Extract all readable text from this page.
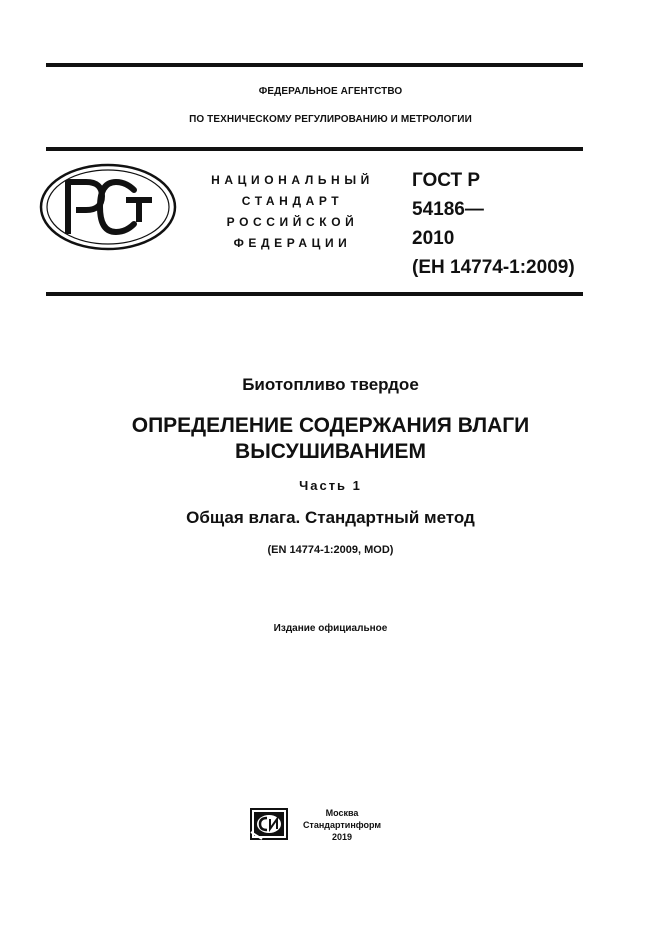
ФЕДЕРАЛЬНОЕ АГЕНТСТВО
ПО ТЕХНИЧЕСКОМУ РЕГУЛИРОВАНИЮ И МЕТРОЛОГИИ
НАЦИОНАЛЬНЫЙ
СТАНДАРТ
РОССИЙСКОЙ
ФЕДЕРАЦИИ
ГОСТ Р
54186—
2010
(ЕН 14774-1:2009)
Биотопливо твердое
ОПРЕДЕЛЕНИЕ СОДЕРЖАНИЯ ВЛАГИ
ВЫСУШИВАНИЕМ
Часть 1
Общая влага. Стандартный метод
(EN 14774-1:2009, MOD)
Издание официальное
Москва
Стандартинформ
2019
